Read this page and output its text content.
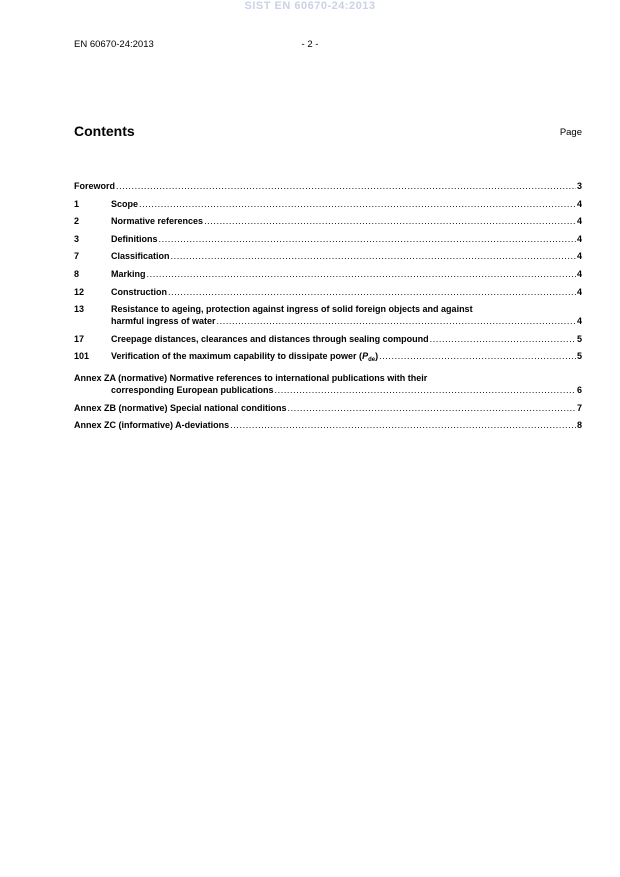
SIST EN 60670-24:2013
EN 60670-24:2013	- 2 -
Contents	Page
Foreword .....	3
1	Scope .....	4
2	Normative references .....	4
3	Definitions .....	4
7	Classification .....	4
8	Marking .....	4
12	Construction .....	4
13	Resistance to ageing, protection against ingress of solid foreign objects and against
harmful ingress of water .....	4
17	Creepage distances, clearances and distances through sealing compound .....	5
101	Verification of the maximum capability to dissipate power $(P_{de})$ .....	5
Annex ZA (normative) Normative references to international publications with their
corresponding European publications .....	6
Annex ZB (normative) Special national conditions .....	7
Annex ZC (informative) A-deviations .....	8
